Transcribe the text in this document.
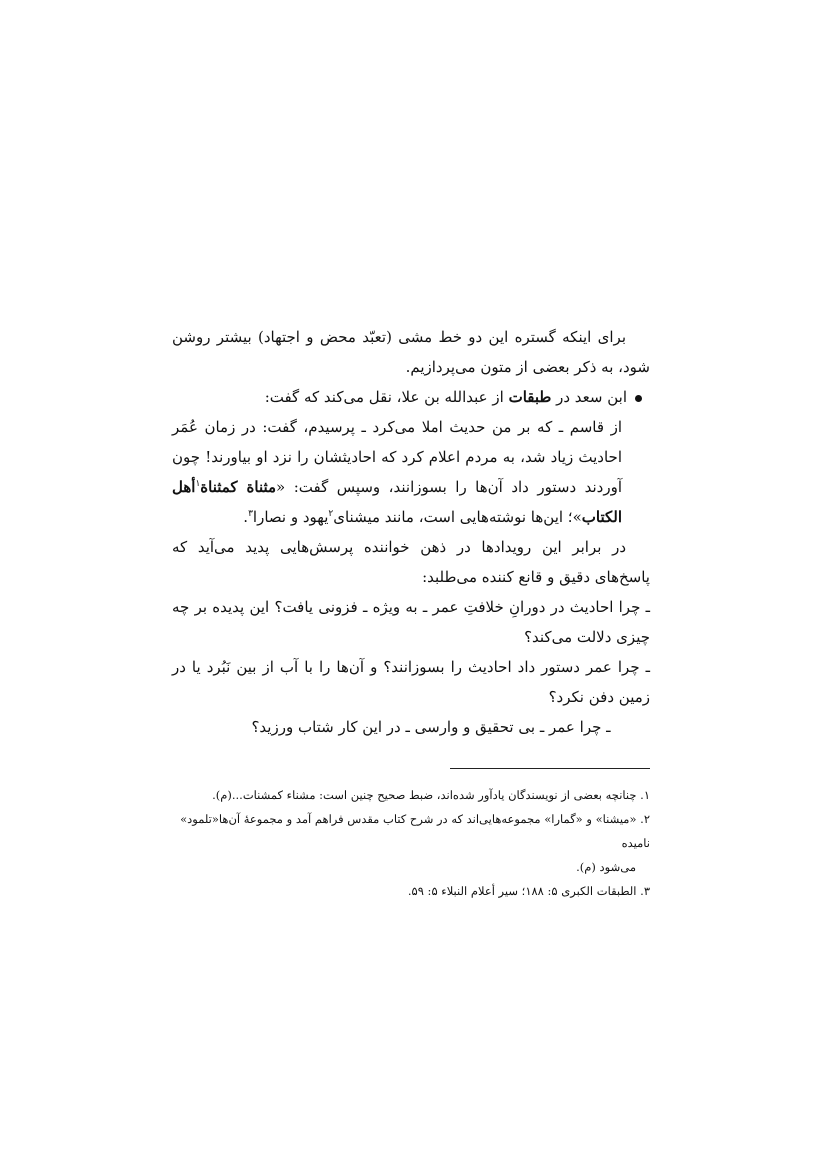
برای اینکه گستره این دو خط مشی (تعبّد محض و اجتهاد) بیشتر روشن شود، به ذکر بعضی از متون می‌پردازیم.

ابن سعد در طبقات از عبدالله بن علا، نقل می‌کند که گفت:

از قاسم ـ که بر من حدیث املا می‌کرد ـ پرسیدم، گفت: در زمان عُمَر احادیث زیاد شد، به مردم اعلام کرد که احادیثشان را نزد او بیاورند! چون آوردند دستور داد آن‌ها را بسوزانند، وسپس گفت: «مثناة کمثناة$^۱$أهل الکتاب»؛ این‌ها نوشته‌هایی است، مانند میشنای$^۲$یهود و نصارا$^۳$.

در برابر این رویدادها در ذهن خواننده پرسش‌هایی پدید می‌آید که پاسخ‌های دقیق و قانع کننده می‌طلبد:

ـ چرا احادیث در دورانِ خلافتِ عمر ـ به ویژه ـ فزونی یافت؟ این پدیده بر چه چیزی دلالت می‌کند؟

ـ چرا عمر دستور داد احادیث را بسوزانند؟ و آن‌ها را با آب از بین نَبُرد یا در زمین دفن نکرد؟

ـ چرا عمر ـ بی تحقیق و وارسی ـ در این کار شتاب ورزید؟

۱. چنانچه بعضی از نویسندگان یادآور شده‌اند، ضبط صحیح چنین است: مشناء کمشنات...(م).

۲. «میشنا» و «گمارا» مجموعه‌هایی‌اند که در شرح کتاب مقدس فراهم آمد و مجموعهٔ آن‌ها«تلمود» نامیده

می‌شود (م).

۳. الطبقات الکبری ۵: ۱۸۸؛ سیر أعلام النبلاء ۵: ۵۹.
